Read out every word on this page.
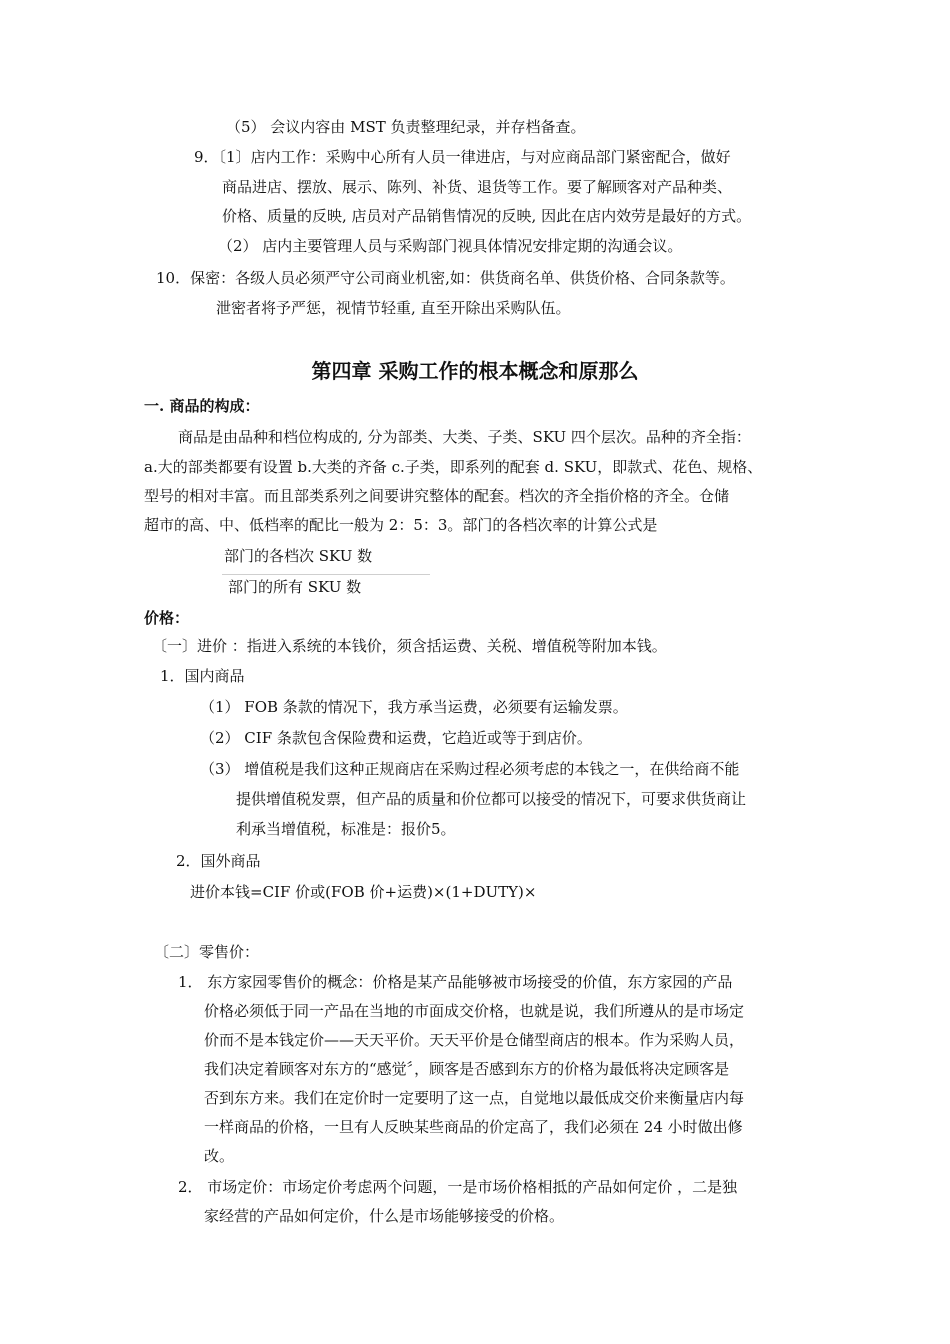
（5） 会议内容由 MST 负责整理纪录，并存档备查。
9．〔1〕店内工作：采购中心所有人员一律进店，与对应商品部门紧密配合，做好
商品进店、摆放、展示、陈列、补货、退货等工作。要了解顾客对产品种类、
价格、质量的反映, 店员对产品销售情况的反映, 因此在店内效劳是最好的方式。
（2） 店内主要管理人员与采购部门视具体情况安排定期的沟通会议。
10．保密：各级人员必须严守公司商业机密,如：供货商名单、供货价格、合同条款等。
泄密者将予严惩，视情节轻重, 直至开除出采购队伍。
第四章 采购工作的根本概念和原那么
一. 商品的构成：
商品是由品种和档位构成的, 分为部类、大类、子类、SKU 四个层次。品种的齐全指：
a.大的部类都要有设置 b.大类的齐备 c.子类，即系列的配套 d. SKU，即款式、花色、规格、
型号的相对丰富。而且部类系列之间要讲究整体的配套。档次的齐全指价格的齐全。仓储
超市的高、中、低档率的配比一般为 2：5：3。部门的各档次率的计算公式是
部门的各档次 SKU 数
部门的所有 SKU 数
价格：
〔一〕进价 ：指进入系统的本钱价，须含括运费、关税、增值税等附加本钱。
1．国内商品
（1） FOB 条款的情况下，我方承当运费，必须要有运输发票。
（2） CIF 条款包含保险费和运费，它趋近或等于到店价。
（3） 增值税是我们这种正规商店在采购过程必须考虑的本钱之一，在供给商不能
提供增值税发票，但产品的质量和价位都可以接受的情况下，可要求供货商让
利承当增值税，标准是：报价5。
2．国外商品
进价本钱=CIF 价或(FOB 价+运费)×(1+DUTY)×
〔二〕零售价：
1． 东方家园零售价的概念：价格是某产品能够被市场接受的价值，东方家园的产品
价格必须低于同一产品在当地的市面成交价格，也就是说，我们所遵从的是市场定
价而不是本钱定价——天天平价。天天平价是仓储型商店的根本。作为采购人员，
我们决定着顾客对东方的“感觉〞，顾客是否感到东方的价格为最低将决定顾客是
否到东方来。我们在定价时一定要明了这一点，自觉地以最低成交价来衡量店内每
一样商品的价格，一旦有人反映某些商品的价定高了，我们必须在 24 小时做出修
改。
2． 市场定价：市场定价考虑两个问题，一是市场价格相抵的产品如何定价 ，二是独
家经营的产品如何定价，什么是市场能够接受的价格。
